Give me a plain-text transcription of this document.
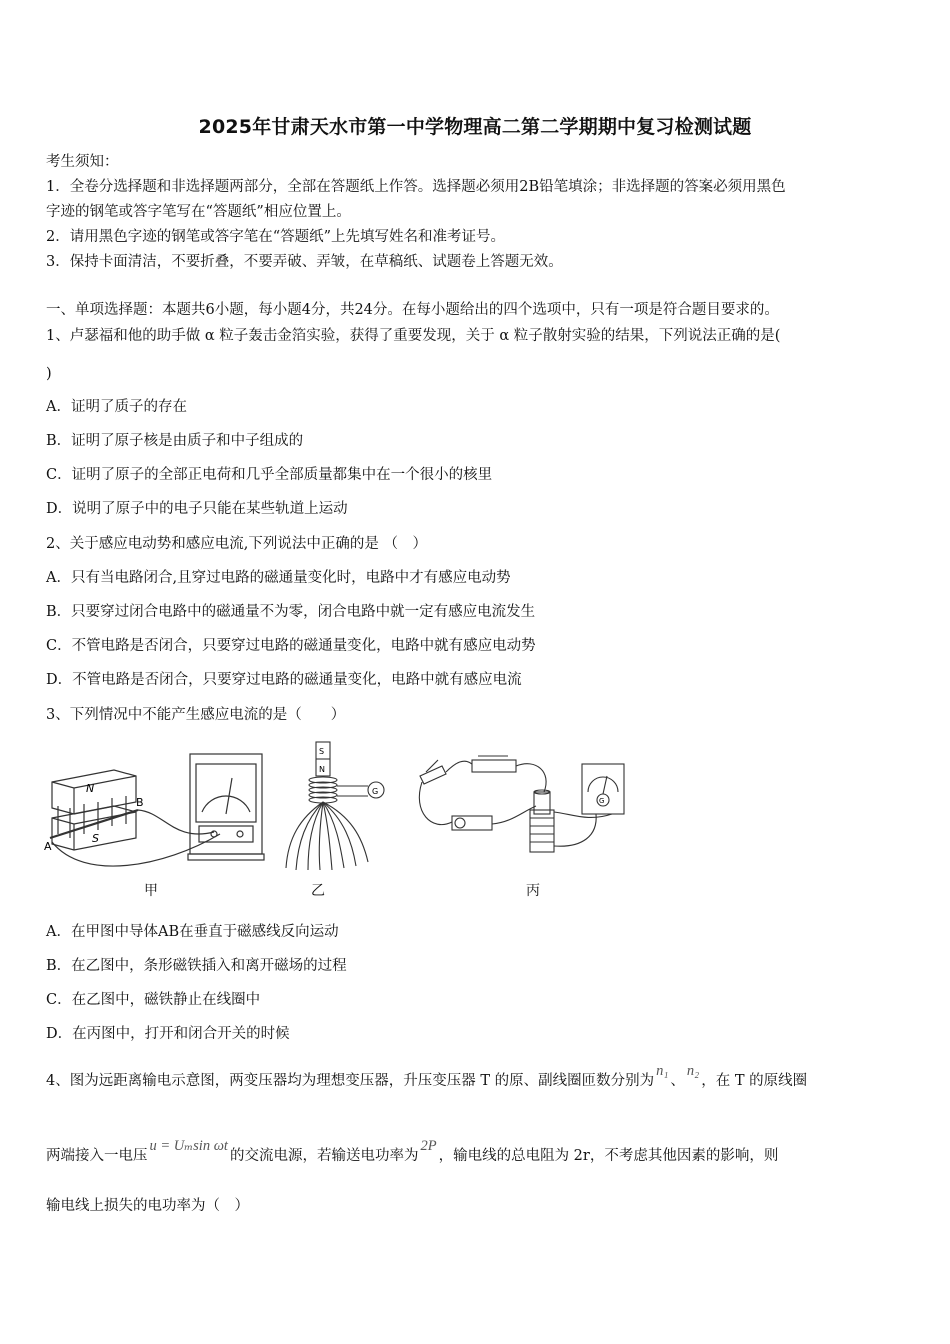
2025年甘肃天水市第一中学物理高二第二学期期中复习检测试题
考生须知：
1．全卷分选择题和非选择题两部分，全部在答题纸上作答。选择题必须用2B铅笔填涂；非选择题的答案必须用黑色
字迹的钢笔或答字笔写在“答题纸”相应位置上。
2．请用黑色字迹的钢笔或答字笔在“答题纸”上先填写姓名和准考证号。
3．保持卡面清洁，不要折叠，不要弄破、弄皱，在草稿纸、试题卷上答题无效。
一、单项选择题：本题共6小题，每小题4分，共24分。在每小题给出的四个选项中，只有一项是符合题目要求的。
1、卢瑟福和他的助手做 α 粒子轰击金箔实验，获得了重要发现，关于 α 粒子散射实验的结果，下列说法正确的是(
)
A．证明了质子的存在
B．证明了原子核是由质子和中子组成的
C．证明了原子的全部正电荷和几乎全部质量都集中在一个很小的核里
D．说明了原子中的电子只能在某些轨道上运动
2、关于感应电动势和感应电流,下列说法中正确的是 （　）
A．只有当电路闭合,且穿过电路的磁通量变化时，电路中才有感应电动势
B．只要穿过闭合电路中的磁通量不为零，闭合电路中就一定有感应电流发生
C．不管电路是否闭合，只要穿过电路的磁通量变化，电路中就有感应电动势
D．不管电路是否闭合，只要穿过电路的磁通量变化，电路中就有感应电流
3、下列情况中不能产生感应电流的是（　　）
N
S
A
B
甲
S
N
G
乙
G
丙
A．在甲图中导体AB在垂直于磁感线反向运动
B．在乙图中，条形磁铁插入和离开磁场的过程
C．在乙图中，磁铁静止在线圈中
D．在丙图中，打开和闭合开关的时候
4、图为远距离输电示意图，两变压器均为理想变压器，升压变压器 T 的原、副线圈匝数分别为n₁、n₂，在 T 的原线圈
两端接入一电压u = Uₘsin ωt的交流电源，若输送电功率为2P，输电线的总电阻为 2r，不考虑其他因素的影响，则
输电线上损失的电功率为（　）
